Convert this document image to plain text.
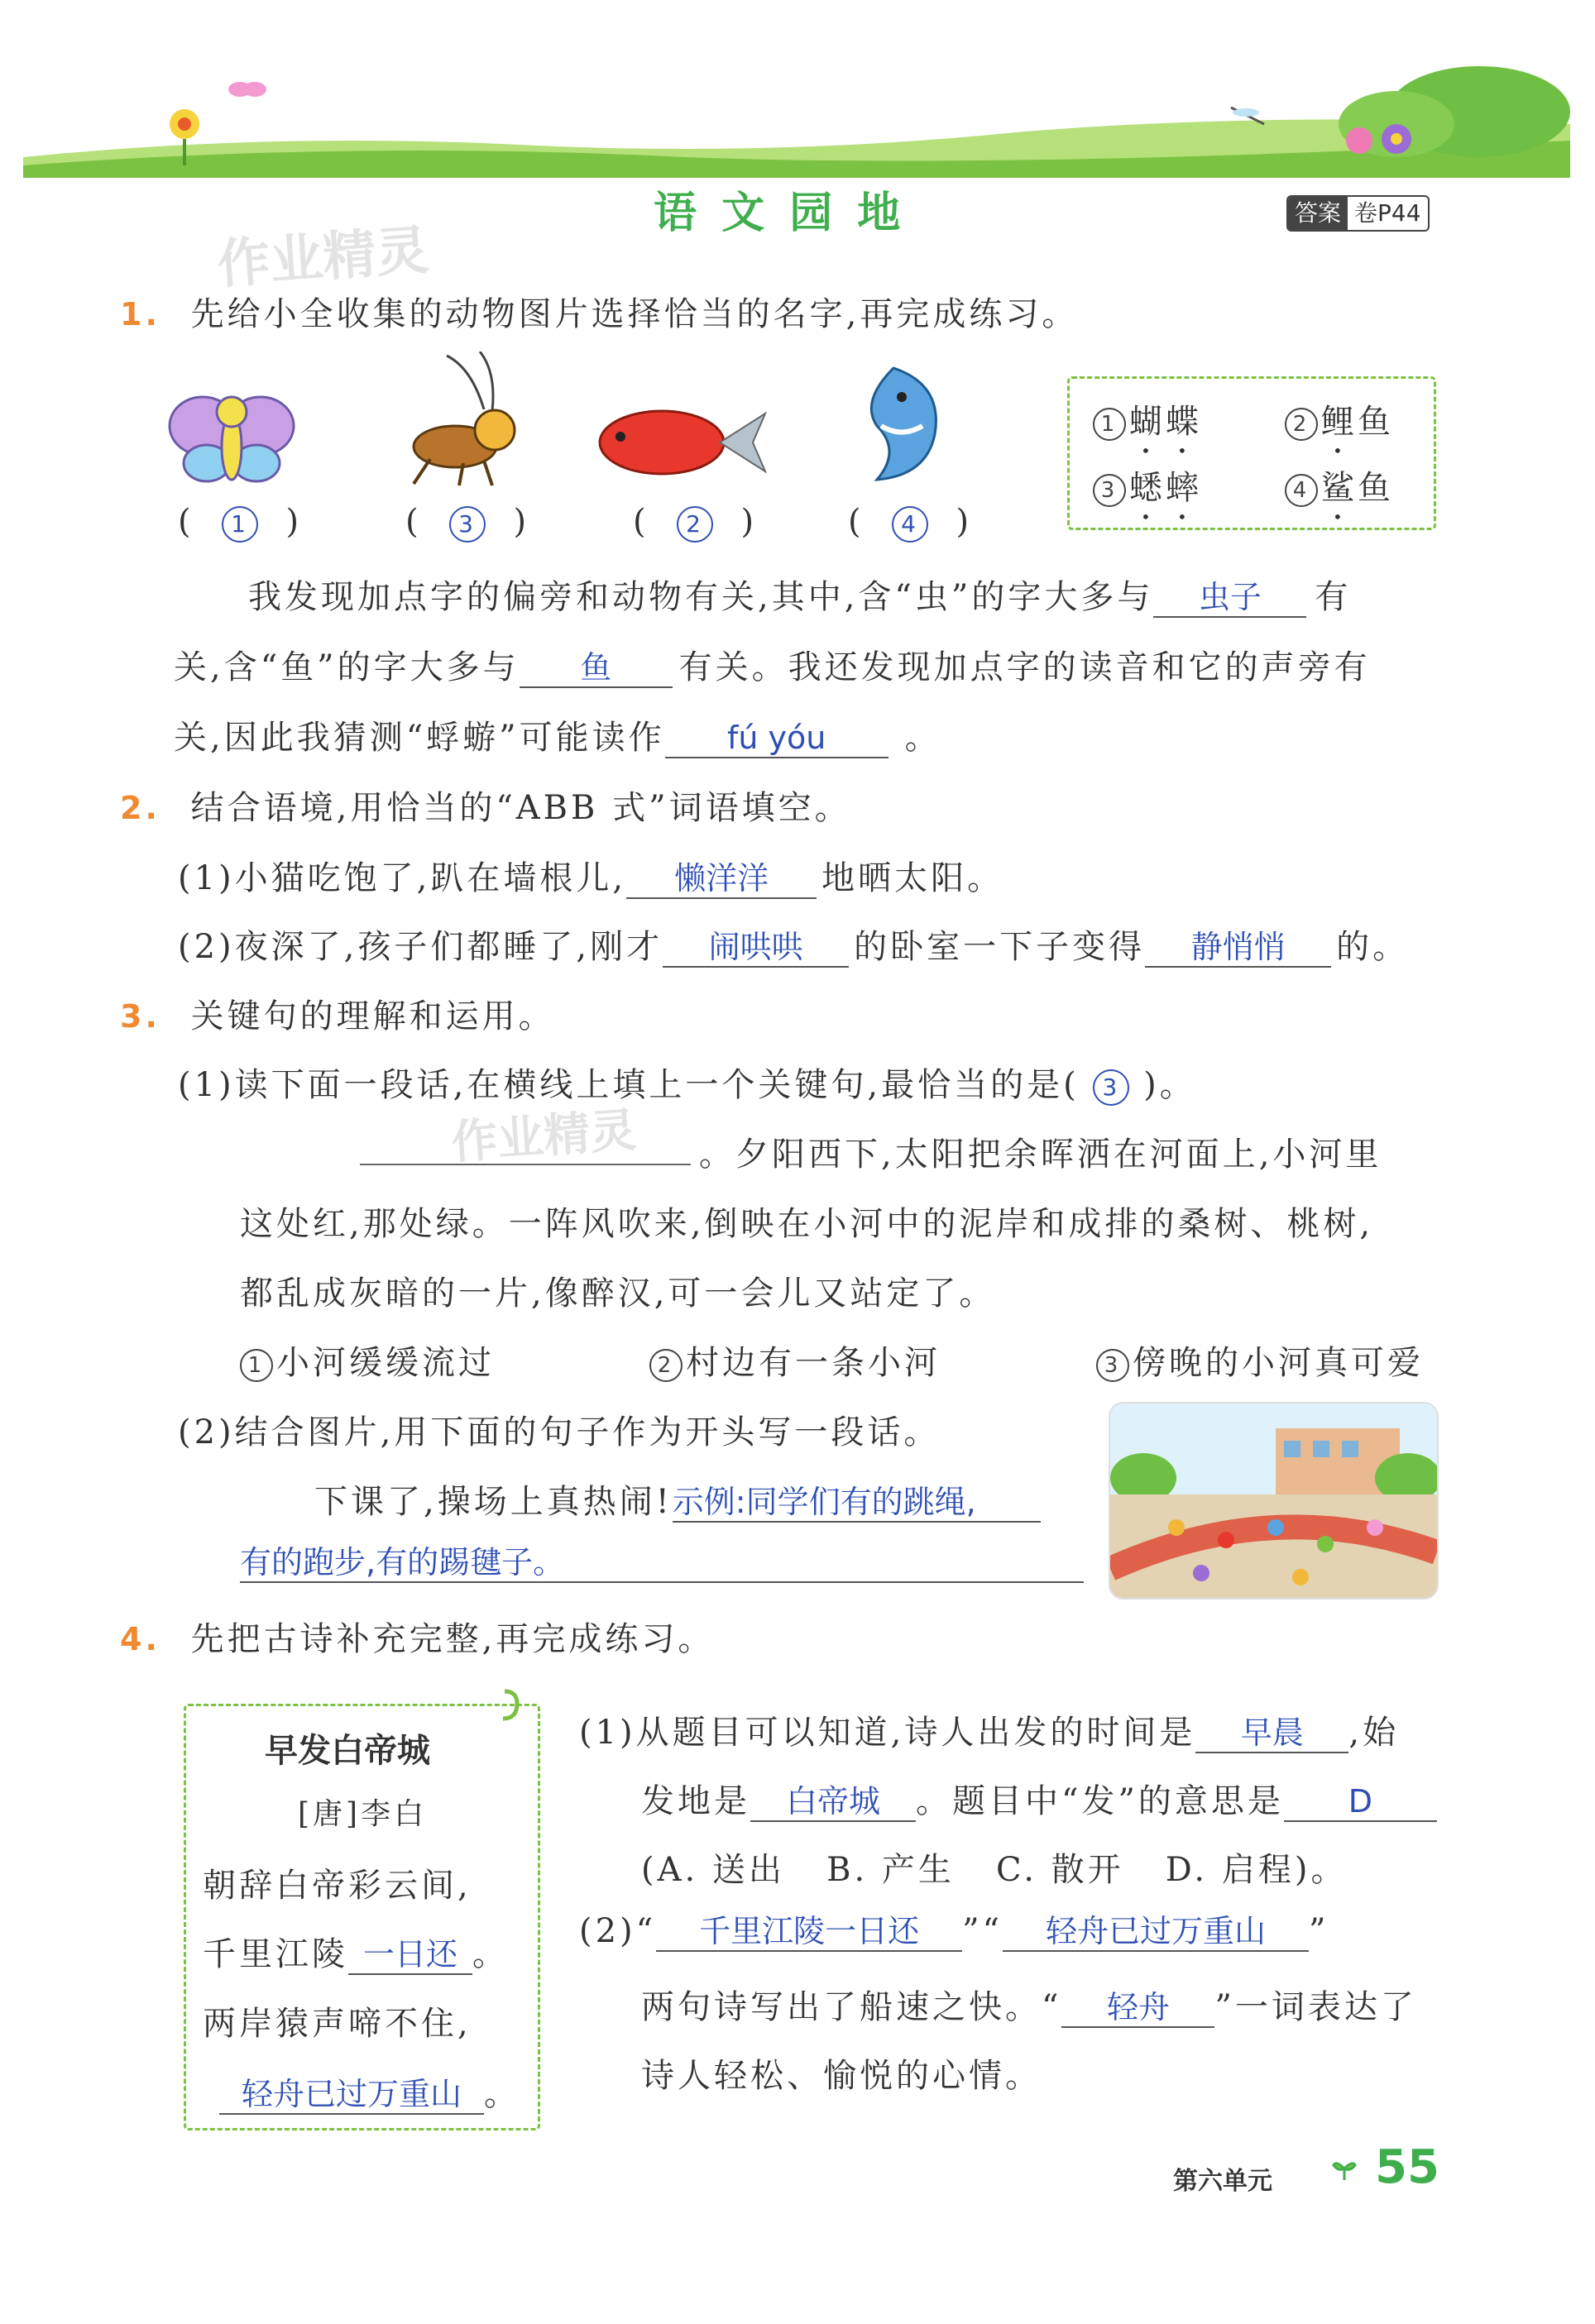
作业精灵
语 文 园 地	答案 卷P44
1. 先给小全收集的动物图片选择恰当的名字,再完成练习。
(  1  )	(  3  )	(  2  )	(  4  )
1 蝴蝶	2 鲤鱼
3 蟋蟀	4 鲨鱼
我发现加点字的偏旁和动物有关,其中,含“虫”的字大多与 虫子 有
关,含“鱼”的字大多与 鱼 有关。我还发现加点字的读音和它的声旁有
关,因此我猜测“蜉蝣”可能读作 fú yóu 。
2. 结合语境,用恰当的“ABB 式”词语填空。
(1)小猫吃饱了,趴在墙根儿, 懒洋洋 地晒太阳。
(2)夜深了,孩子们都睡了,刚才 闹哄哄 的卧室一下子变得 静悄悄 的。
3. 关键句的理解和运用。
(1)读下面一段话,在横线上填上一个关键句,最恰当的是( 3 )。
作业精灵	。夕阳西下,太阳把余晖洒在河面上,小河里
这处红,那处绿。一阵风吹来,倒映在小河中的泥岸和成排的桑树、桃树,
都乱成灰暗的一片,像醉汉,可一会儿又站定了。
1 小河缓缓流过	2 村边有一条小河	3 傍晚的小河真可爱
(2)结合图片,用下面的句子作为开头写一段话。
下课了,操场上真热闹!示例:同学们有的跳绳,
有的跑步,有的踢毽子。
4. 先把古诗补充完整,再完成练习。
早发白帝城
[唐]李白
朝辞白帝彩云间,
千里江陵 一日还 。
两岸猿声啼不住,
轻舟已过万重山 。
(1)从题目可以知道,诗人出发的时间是 早晨 ,始
发地是 白帝城 。题目中“发”的意思是 D
(A. 送出   B. 产生   C. 散开   D. 启程)。
(2)“ 千里江陵一日还 ”“ 轻舟已过万重山 ”
两句诗写出了船速之快。“ 轻舟 ”一词表达了
诗人轻松、愉悦的心情。
第六单元 55
